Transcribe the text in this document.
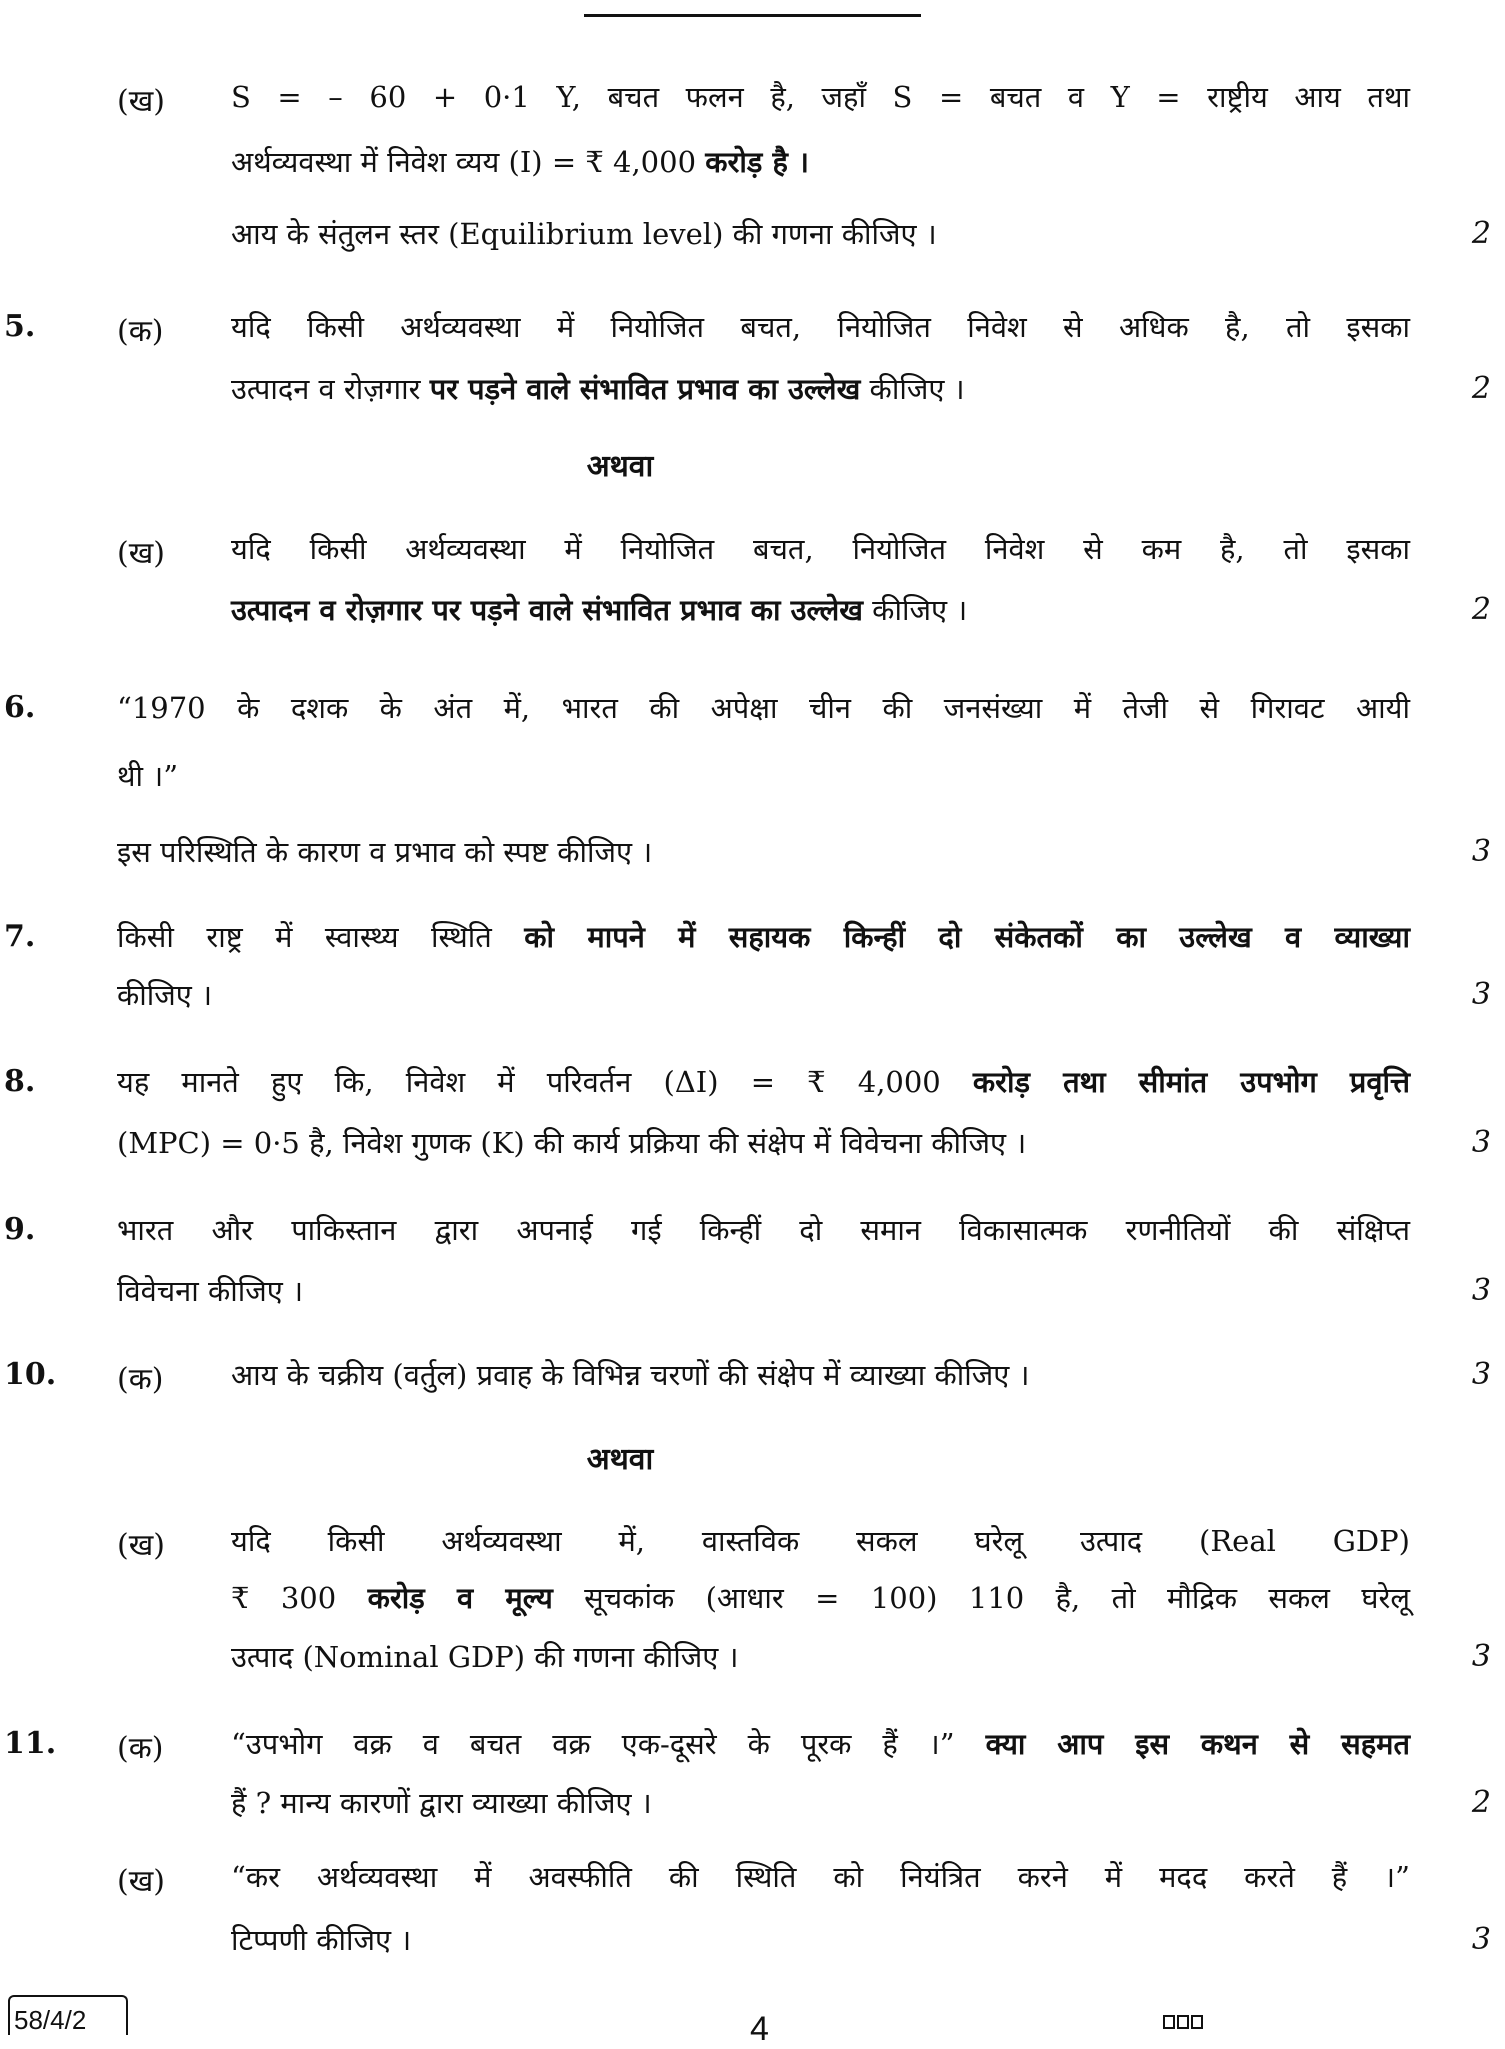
(ख) S = – 60 + 0·1 Y, बचत फलन है, जहाँ S = बचत व Y = राष्ट्रीय आय तथा
अर्थव्यवस्था में निवेश व्यय (I) = ₹ 4,000 करोड़ है ।
आय के संतुलन स्तर (Equilibrium level) की गणना कीजिए ।	2
5.	(क) यदि किसी अर्थव्यवस्था में नियोजित बचत, नियोजित निवेश से अधिक है, तो इसका
उत्पादन व रोज़गार पर पड़ने वाले संभावित प्रभाव का उल्लेख कीजिए ।	2
अथवा
(ख) यदि किसी अर्थव्यवस्था में नियोजित बचत, नियोजित निवेश से कम है, तो इसका
उत्पादन व रोज़गार पर पड़ने वाले संभावित प्रभाव का उल्लेख कीजिए ।	2
6.	“1970 के दशक के अंत में, भारत की अपेक्षा चीन की जनसंख्या में तेजी से गिरावट आयी
थी ।”
इस परिस्थिति के कारण व प्रभाव को स्पष्ट कीजिए ।	3
7.	किसी राष्ट्र में स्वास्थ्य स्थिति को मापने में सहायक किन्हीं दो संकेतकों का उल्लेख व व्याख्या
कीजिए ।	3
8.	यह मानते हुए कि, निवेश में परिवर्तन (ΔI) = ₹ 4,000 करोड़ तथा सीमांत उपभोग प्रवृत्ति
(MPC) = 0·5 है, निवेश गुणक (K) की कार्य प्रक्रिया की संक्षेप में विवेचना कीजिए ।	3
9.	भारत और पाकिस्तान द्वारा अपनाई गई किन्हीं दो समान विकासात्मक रणनीतियों की संक्षिप्त
विवेचना कीजिए ।	3
10. (क) आय के चक्रीय (वर्तुल) प्रवाह के विभिन्न चरणों की संक्षेप में व्याख्या कीजिए ।	3
अथवा
(ख) यदि किसी अर्थव्यवस्था में, वास्तविक सकल घरेलू उत्पाद (Real GDP)
₹ 300 करोड़ व मूल्य सूचकांक (आधार = 100) 110 है, तो मौद्रिक सकल घरेलू
उत्पाद (Nominal GDP) की गणना कीजिए ।	3
11. (क) “उपभोग वक्र व बचत वक्र एक-दूसरे के पूरक हैं ।” क्या आप इस कथन से सहमत
हैं ? मान्य कारणों द्वारा व्याख्या कीजिए ।	2
(ख) “कर अर्थव्यवस्था में अवस्फीति की स्थिति को नियंत्रित करने में मदद करते हैं ।”
टिप्पणी कीजिए ।	3
58/4/2	4
